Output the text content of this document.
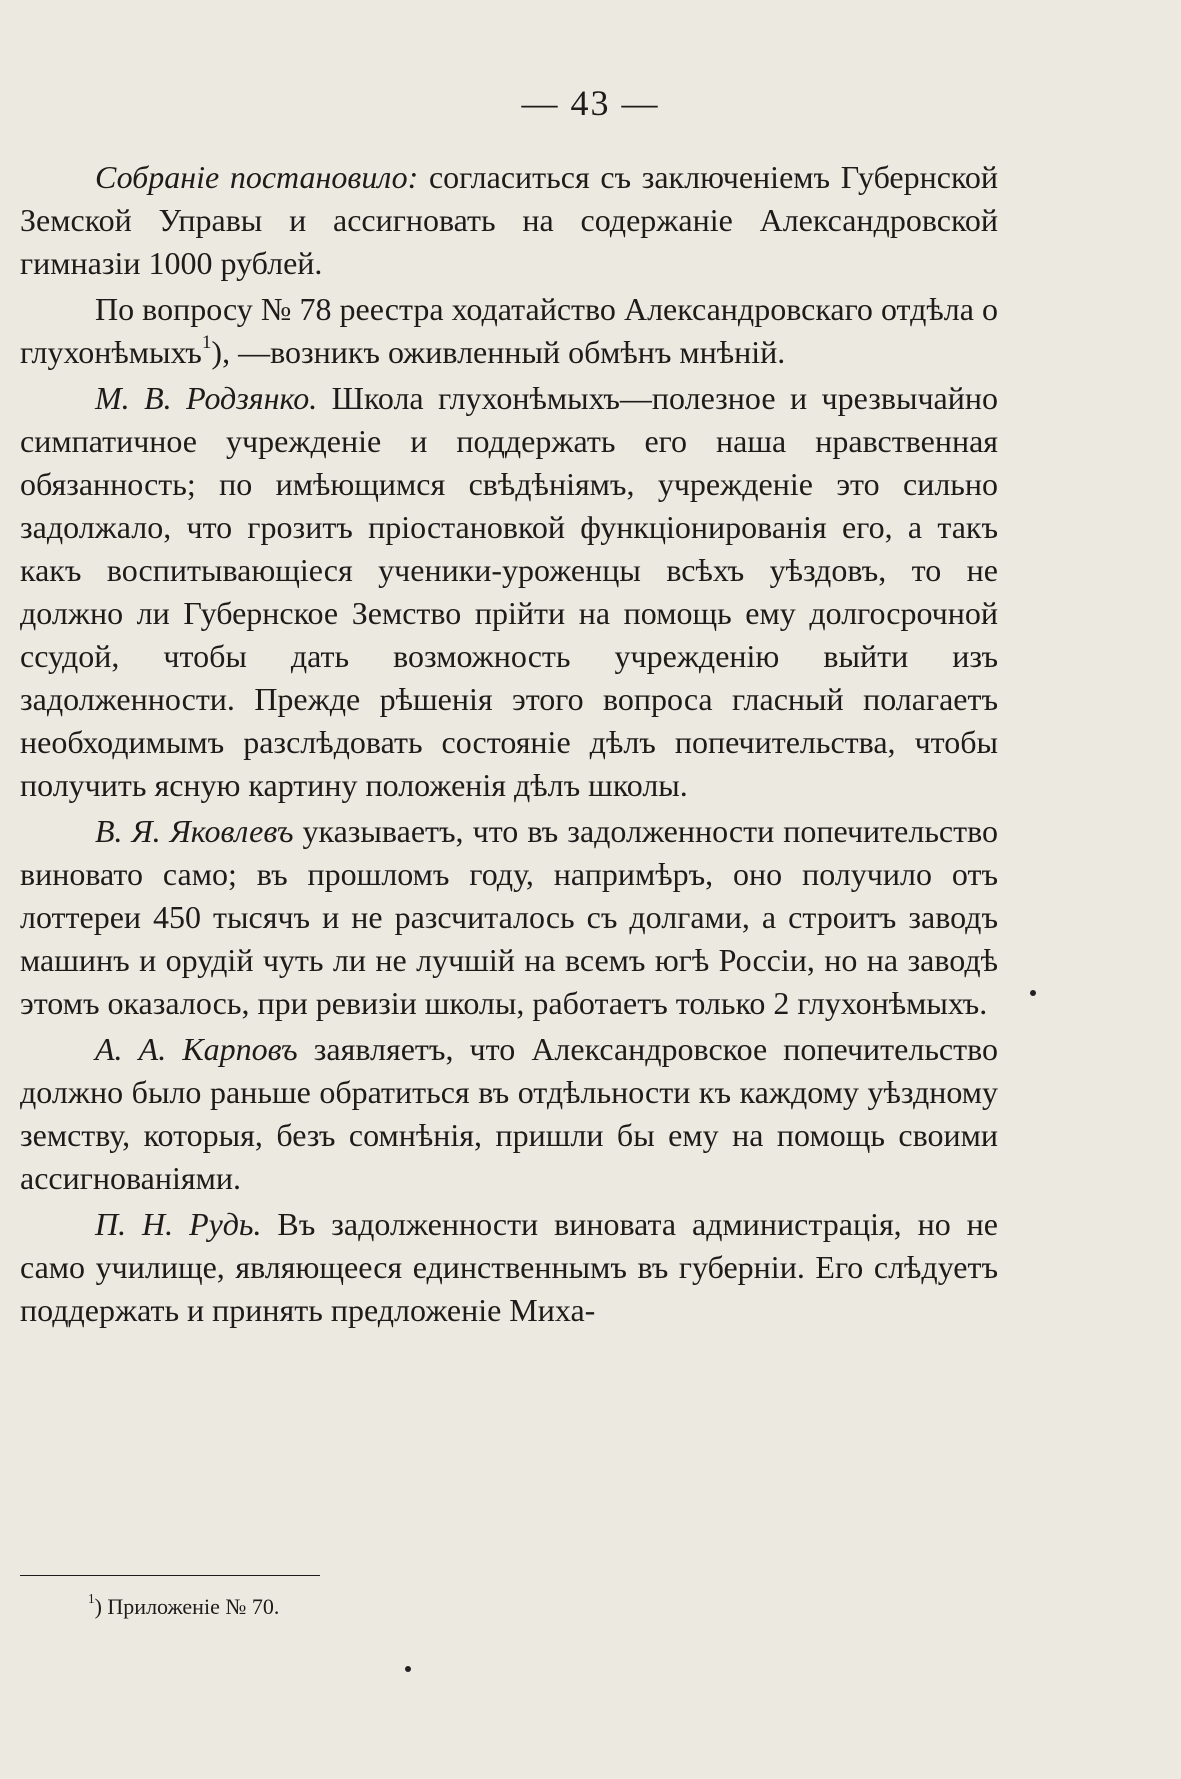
— 43 —

Собраніе постановило: согласиться съ заключеніемъ Губернской Земской Управы и ассигновать на содержаніе Александровской гимназіи 1000 рублей.

По вопросу № 78 реестра ходатайство Александровскаго отдѣла о глухонѣмыхъ$^1$), —возникъ оживленный обмѣнъ мнѣній.

М. В. Родзянко. Школа глухонѣмыхъ—полезное и чрезвычайно симпатичное учрежденіе и поддержать его наша нравственная обязанность; по имѣющимся свѣдѣніямъ, учрежденіе это сильно задолжало, что грозитъ пріостановкой функціонированія его, а такъ какъ воспитывающіеся ученики-уроженцы всѣхъ уѣздовъ, то не должно ли Губернское Земство прійти на помощь ему долгосрочной ссудой, чтобы дать возможность учрежденію выйти изъ задолженности. Прежде рѣшенія этого вопроса гласный полагаетъ необходимымъ разслѣдовать состояніе дѣлъ попечительства, чтобы получить ясную картину положенія дѣлъ школы.

В. Я. Яковлевъ указываетъ, что въ задолженности попечительство виновато само; въ прошломъ году, напримѣръ, оно получило отъ лоттереи 450 тысячъ и не разсчиталось съ долгами, а строитъ заводъ машинъ и орудій чуть ли не лучшій на всемъ югѣ Россіи, но на заводѣ этомъ оказалось, при ревизіи школы, работаетъ только 2 глухонѣмыхъ.

А. А. Карповъ заявляетъ, что Александровское попечительство должно было раньше обратиться въ отдѣльности къ каждому уѣздному земству, которыя, безъ сомнѣнія, пришли бы ему на помощь своими ассигнованіями.

П. Н. Рудь. Въ задолженности виновата администрація, но не само училище, являющееся единственнымъ въ губерніи. Его слѣдуетъ поддержать и принять предложеніе Миха-

$^1$) Приложеніе № 70.
